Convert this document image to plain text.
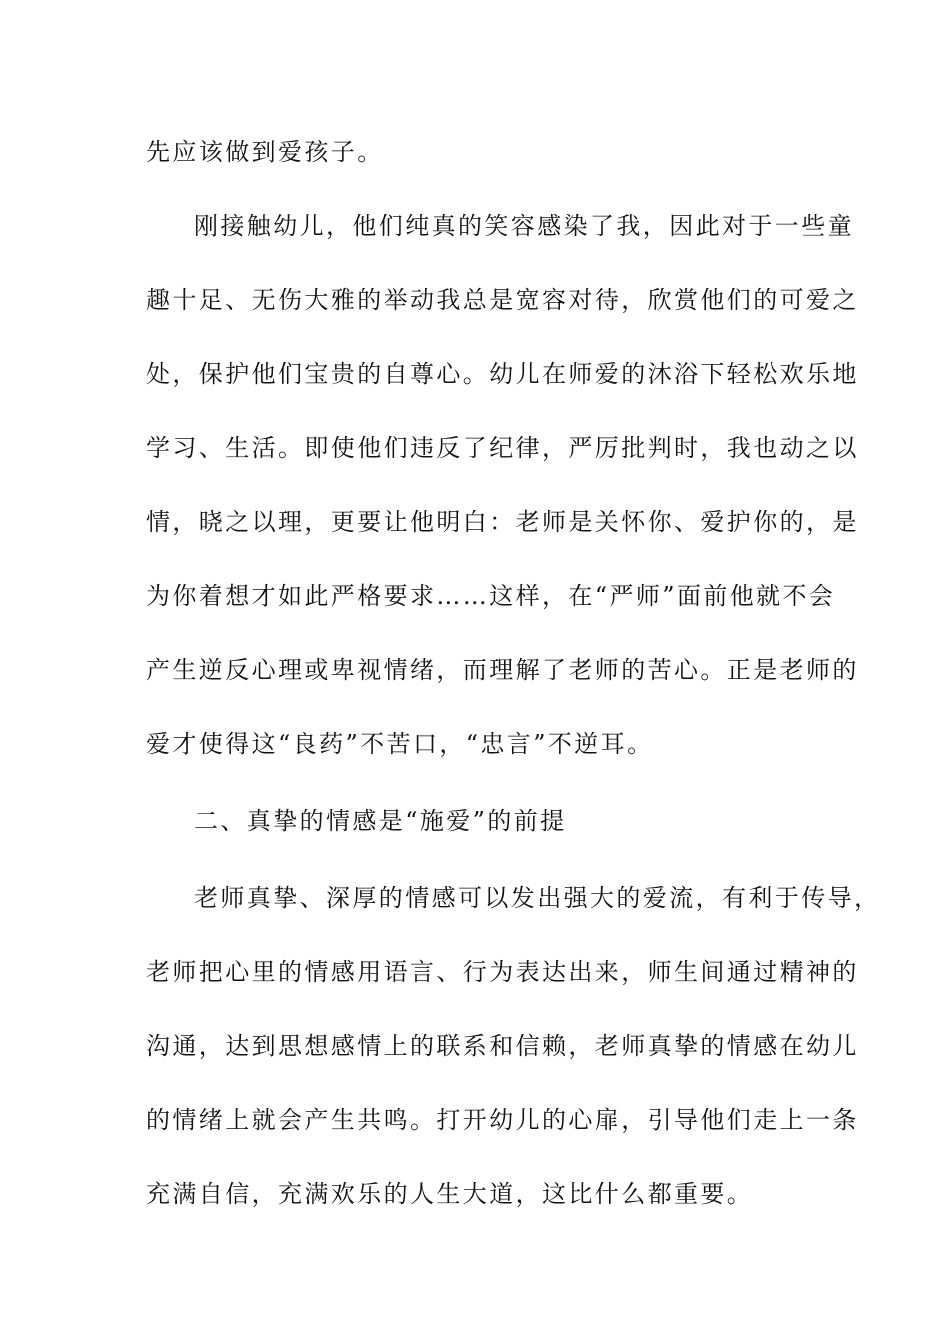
先应该做到爱孩子。
刚接触幼儿，他们纯真的笑容感染了我，因此对于一些童
趣十足、无伤大雅的举动我总是宽容对待，欣赏他们的可爱之
处，保护他们宝贵的自尊心。幼儿在师爱的沐浴下轻松欢乐地
学习、生活。即使他们违反了纪律，严厉批判时，我也动之以
情，晓之以理，更要让他明白：老师是关怀你、爱护你的，是
为你着想才如此严格要求……这样，在“严师”面前他就不会
产生逆反心理或卑视情绪，而理解了老师的苦心。正是老师的
爱才使得这“良药”不苦口，“忠言”不逆耳。
二、真挚的情感是“施爱”的前提
老师真挚、深厚的情感可以发出强大的爱流，有利于传导，
老师把心里的情感用语言、行为表达出来，师生间通过精神的
沟通，达到思想感情上的联系和信赖，老师真挚的情感在幼儿
的情绪上就会产生共鸣。打开幼儿的心扉，引导他们走上一条
充满自信，充满欢乐的人生大道，这比什么都重要。
